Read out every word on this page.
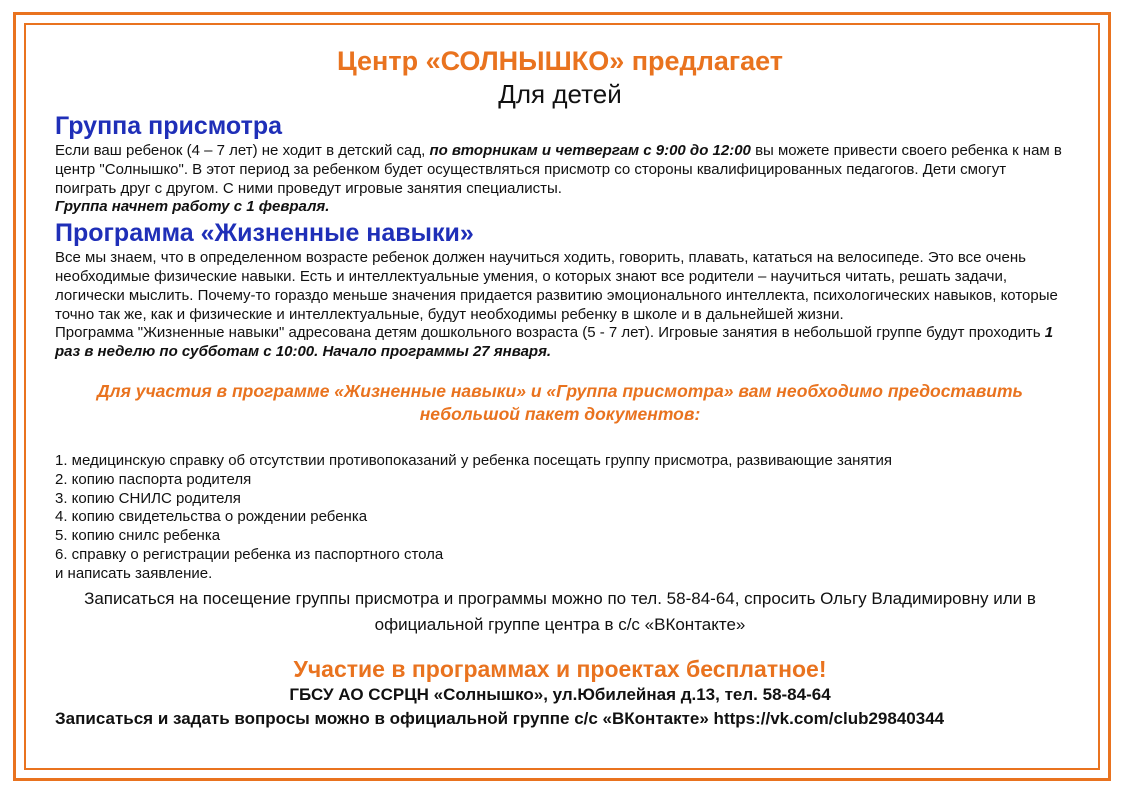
Центр «СОЛНЫШКО» предлагает

Для детей

Группа присмотра

Если ваш ребенок (4 – 7 лет) не ходит в детский сад, по вторникам и четвергам с 9:00 до 12:00 вы можете привести своего ребенка к нам в центр "Солнышко". В этот период за ребенком будет осуществляться присмотр со стороны квалифицированных педагогов. Дети смогут поиграть друг с другом. С ними проведут игровые занятия специалисты.

Группа начнет работу с 1 февраля.

Программа «Жизненные навыки»

Все мы знаем, что в определенном возрасте ребенок должен научиться ходить, говорить, плавать, кататься на велосипеде. Это все очень необходимые физические навыки. Есть и интеллектуальные умения, о которых знают все родители – научиться читать, решать задачи, логически мыслить. Почему-то гораздо меньше значения придается развитию эмоционального интеллекта, психологических навыков, которые точно так же, как и физические и интеллектуальные, будут необходимы ребенку в школе и в дальнейшей жизни.

Программа "Жизненные навыки" адресована детям дошкольного возраста (5 - 7 лет). Игровые занятия в небольшой группе будут проходить 1 раз в неделю по субботам с 10:00. Начало программы 27 января.

Для участия в программе «Жизненные навыки» и «Группа присмотра» вам необходимо предоставить небольшой пакет документов:

1. медицинскую справку об отсутствии противопоказаний у ребенка посещать группу присмотра, развивающие занятия
2. копию паспорта родителя
3. копию СНИЛС родителя
4. копию свидетельства о рождении ребенка
5. копию снилс ребенка
6. справку о регистрации ребенка из паспортного стола
и написать заявление.

Записаться на посещение группы присмотра и программы можно по тел. 58-84-64, спросить Ольгу Владимировну или в официальной группе центра в с/с «ВКонтакте»

Участие в программах и проектах бесплатное!

ГБСУ АО ССРЦН «Солнышко», ул.Юбилейная д.13, тел. 58-84-64

Записаться и задать вопросы можно в официальной группе с/с «ВКонтакте» https://vk.com/club29840344
